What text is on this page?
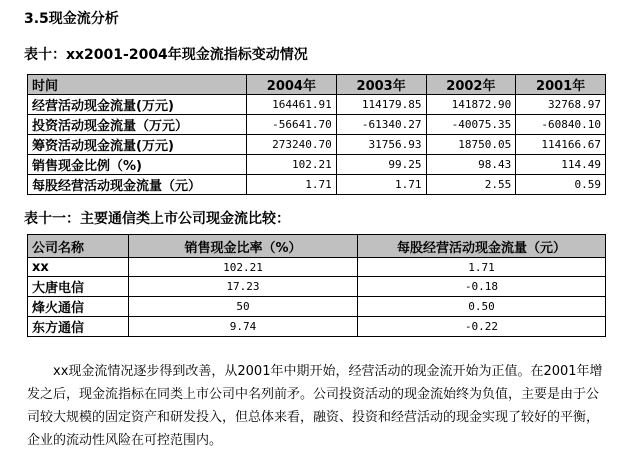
3.5现金流分析
表十：xx2001-2004年现金流指标变动情况
时间	2004年	2003年	2002年	2001年
经营活动现金流量(万元)	164461.91	114179.85	141872.90	32768.97
投资活动现金流量（万元）	-56641.70	-61340.27	-40075.35	-60840.10
筹资活动现金流量(万元)	273240.70	31756.93	18750.05	114166.67
销售现金比例（%)	102.21	99.25	98.43	114.49
每股经营活动现金流量（元）	1.71	1.71	2.55	0.59
表十一：主要通信类上市公司现金流比较：
公司名称	销售现金比率（%）	每股经营活动现金流量（元）
xx	102.21	1.71
大唐电信	17.23	-0.18
烽火通信	50	0.50
东方通信	9.74	-0.22

xx现金流情况逐步得到改善，从2001年中期开始，经营活动的现金流开始为正值。在2001年增发之后，现金流指标在同类上市公司中名列前矛。公司投资活动的现金流始终为负值，主要是由于公司较大规模的固定资产和研发投入，但总体来看，融资、投资和经营活动的现金实现了较好的平衡，企业的流动性风险在可控范围内。
